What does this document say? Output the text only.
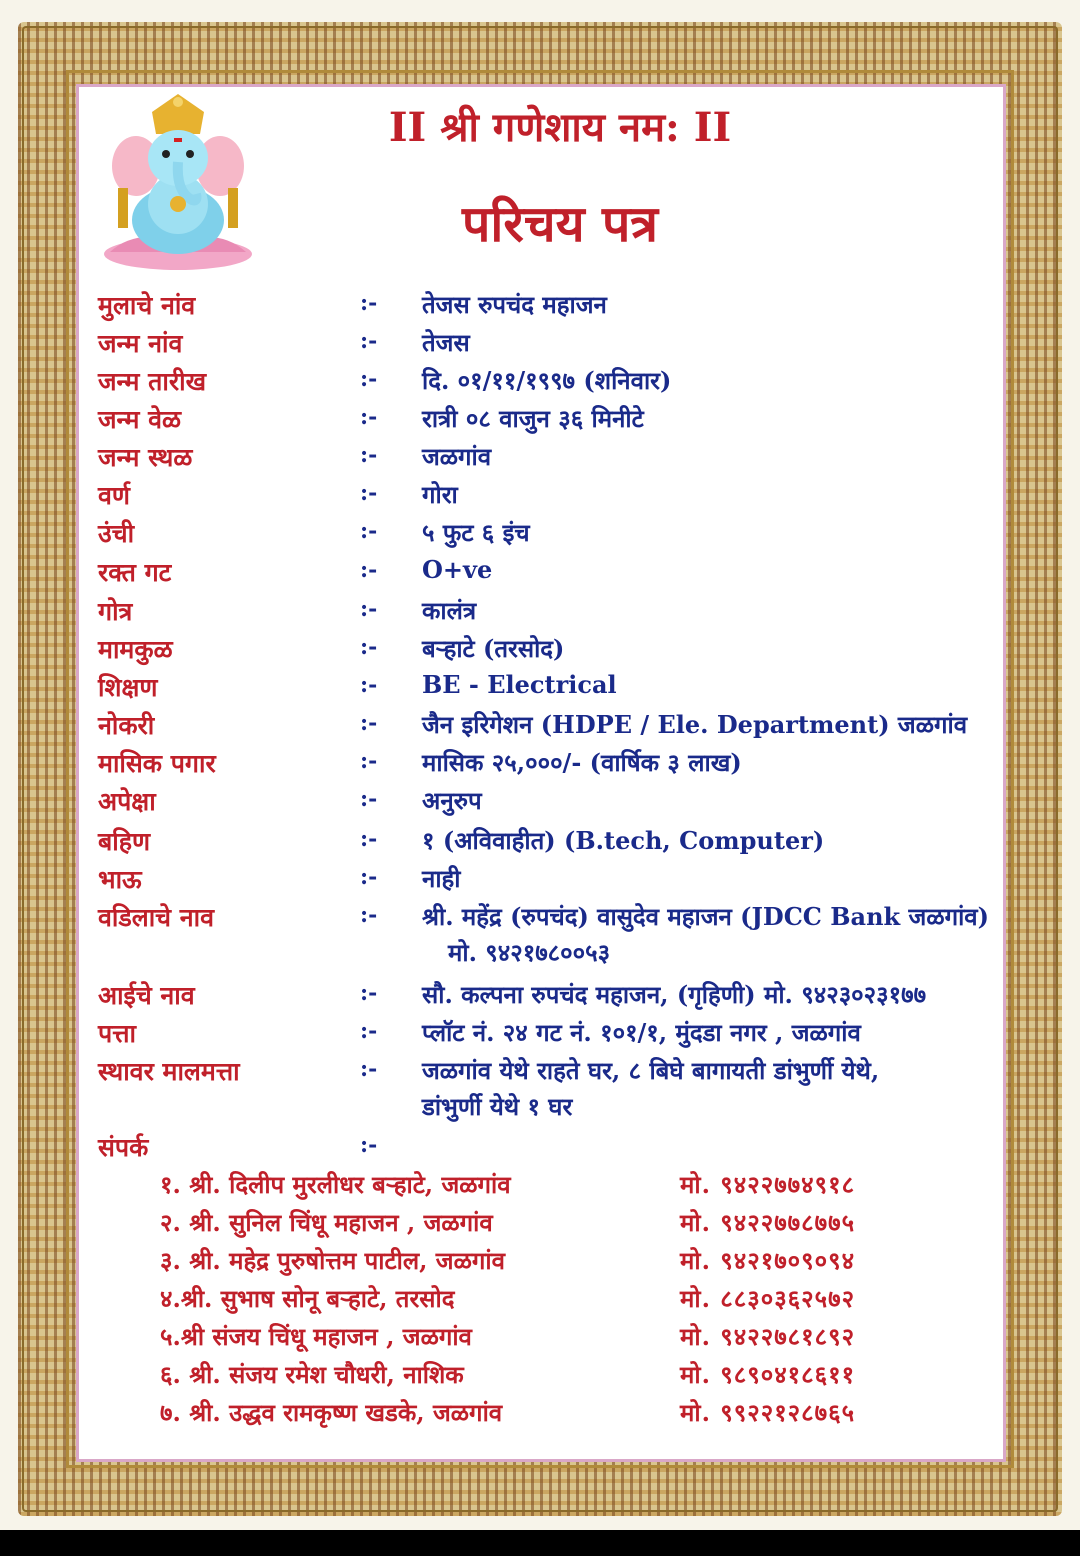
II श्री गणेशाय नम: II
परिचय पत्र
मुलाचे नांव	:- तेजस रुपचंद महाजन
जन्म नांव	:- तेजस
जन्म तारीख	:- दि. ०१/११/१९९७ (शनिवार)
जन्म वेळ	:- रात्री ०८ वाजुन ३६ मिनीटे
जन्म स्थळ	:- जळगांव
वर्ण	:- गोरा
उंची	:- ५ फुट ६ इंच
रक्त गट	:- O+ve
गोत्र	:- कालंत्र
मामकुळ	:- बऱ्हाटे (तरसोद)
शिक्षण	:- BE - Electrical
नोकरी	:- जैन इरिगेशन (HDPE / Ele. Department) जळगांव
मासिक पगार	:- मासिक २५,०००/- (वार्षिक ३ लाख)
अपेक्षा	:- अनुरुप
बहिण	:- १ (अविवाहीत) (B.tech, Computer)
भाऊ	:- नाही
वडिलाचे नाव	:- श्री. महेंद्र (रुपचंद) वासुदेव महाजन (JDCC Bank जळगांव)
मो. ९४२१७८००५३
आईचे नाव	:- सौ. कल्पना रुपचंद महाजन, (गृहिणी) मो. ९४२३०२३१७७
पत्ता	:- प्लॉट नं. २४ गट नं. १०१/१, मुंदडा नगर , जळगांव
स्थावर मालमत्ता	:- जळगांव येथे राहते घर, ८ बिघे बागायती डांभुर्णी येथे,
डांभुर्णी येथे १ घर
संपर्क	:-
१. श्री. दिलीप मुरलीधर बऱ्हाटे, जळगांव	मो. ९४२२७७४९१८
२. श्री. सुनिल चिंधू महाजन , जळगांव	मो. ९४२२७७८७७५
३. श्री. महेद्र पुरुषोत्तम पाटील, जळगांव	मो. ९४२१७०९०९४
४.श्री. सुभाष सोनू बऱ्हाटे, तरसोद	मो. ८८३०३६२५७२
५.श्री संजय चिंधू महाजन , जळगांव	मो. ९४२२७८१८९२
६. श्री. संजय रमेश चौधरी, नाशिक	मो. ९८९०४१८६११
७. श्री. उद्धव रामकृष्ण खडके, जळगांव	मो. ९९२२१२८७६५
